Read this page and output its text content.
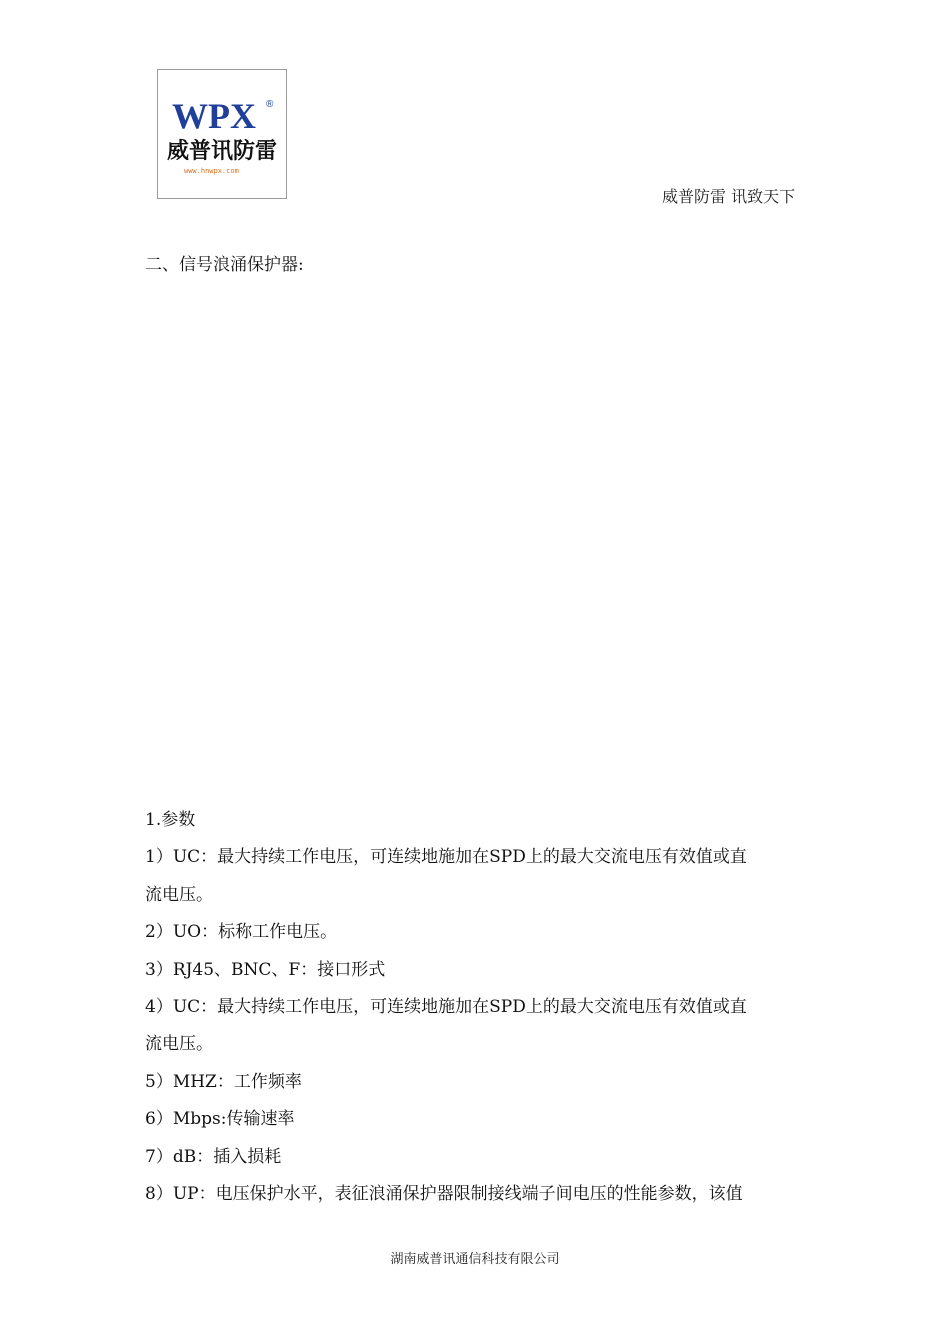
WPX ®
威普讯防雷
www.hnwpx.com
威普防雷 讯致天下
二、信号浪涌保护器:
1.参数
1）UC：最大持续工作电压，可连续地施加在SPD上的最大交流电压有效值或直
流电压。
2）UO：标称工作电压。
3）RJ45、BNC、F：接口形式
4）UC：最大持续工作电压，可连续地施加在SPD上的最大交流电压有效值或直
流电压。
5）MHZ：工作频率
6）Mbps:传输速率
7）dB：插入损耗
8）UP：电压保护水平，表征浪涌保护器限制接线端子间电压的性能参数，该值
湖南威普讯通信科技有限公司
